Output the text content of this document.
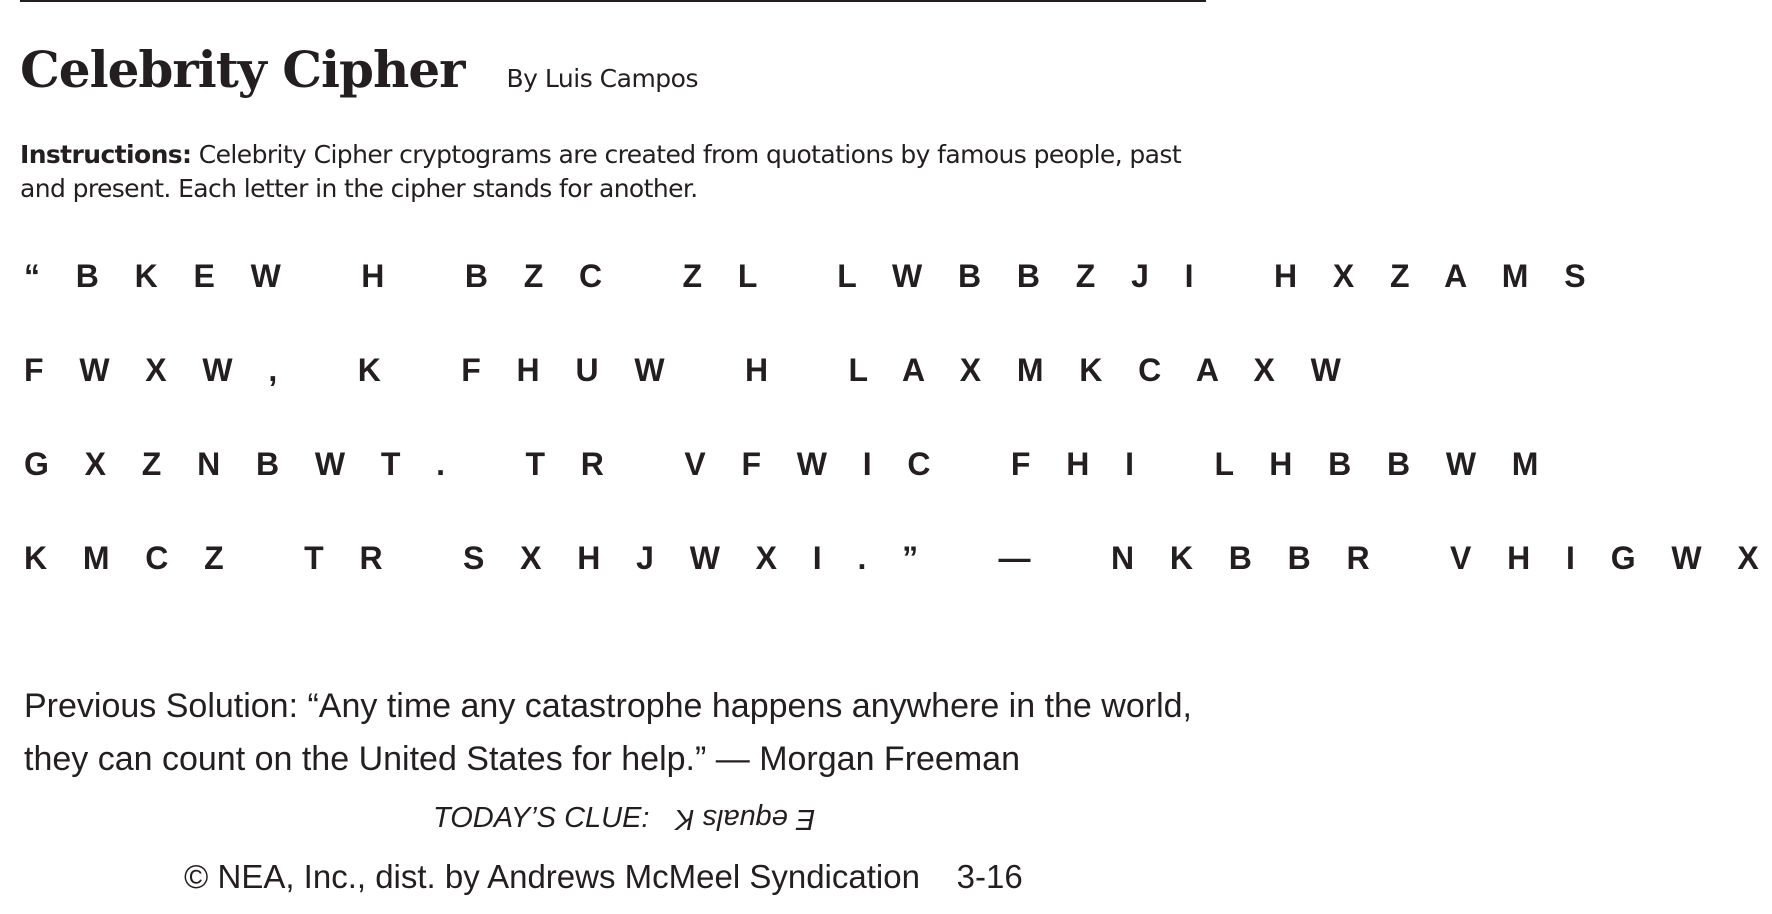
Celebrity Cipher By Luis Campos
Instructions: Celebrity Cipher cryptograms are created from quotations by famous people, past and present. Each letter in the cipher stands for another.
“ B K E W   H   B Z C   Z L   L W B B Z J I   H X Z A M S
F W X W ,   K   F H U W   H   L A X M K C A X W
G X Z N B W T .   T R   V F W I C   F H I   L H B B W M
K M C Z   T R   S X H J W X I . ”   —   N K B B R   V H I G W X
Previous Solution: “Any time any catastrophe happens anywhere in the world, they can count on the United States for help.” — Morgan Freeman
TODAY’S CLUE: E equals K
© NEA, Inc., dist. by Andrews McMeel Syndication 3-16
